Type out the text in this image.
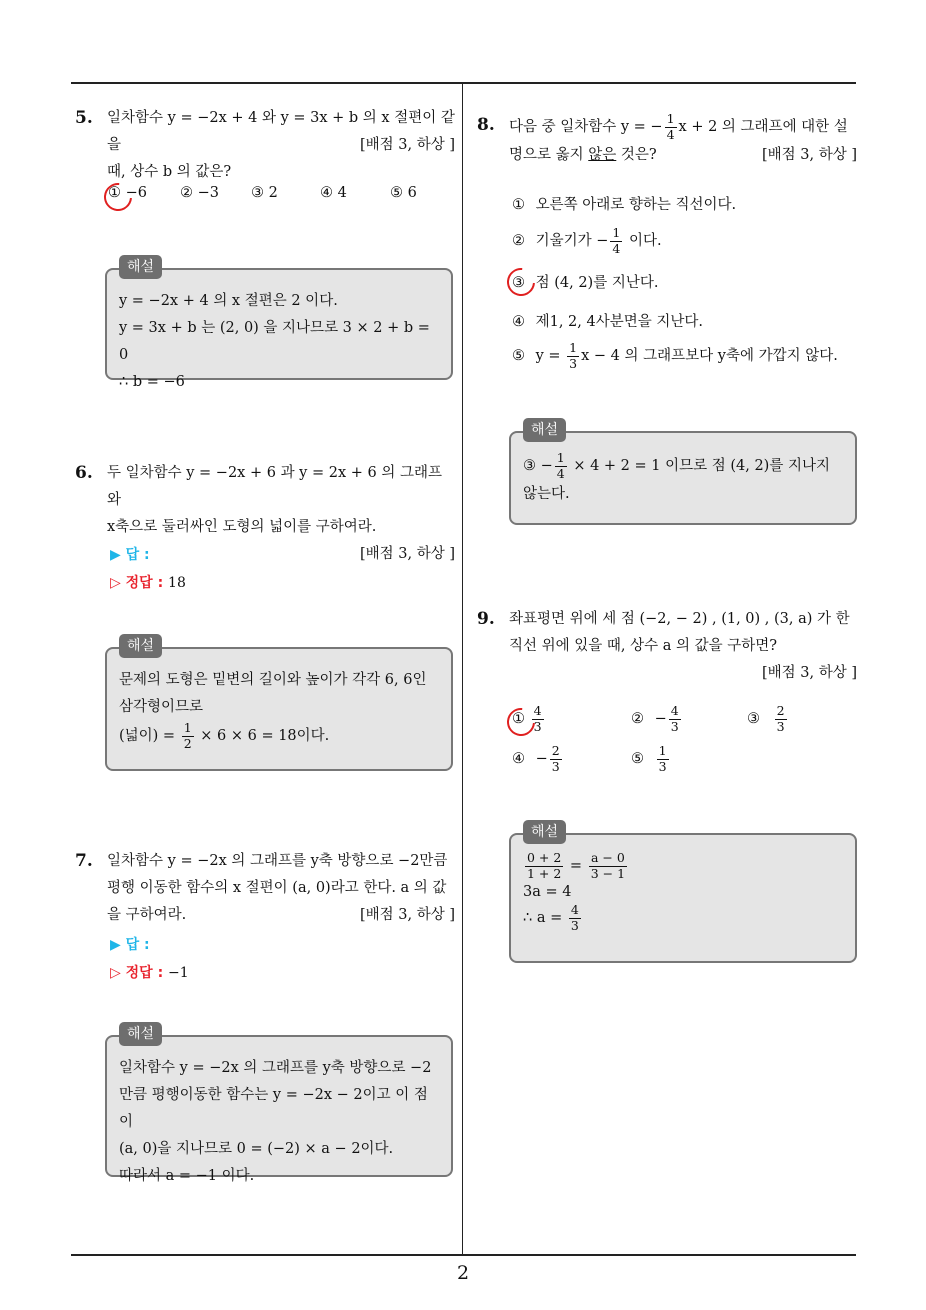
5. 일차함수 y = −2x + 4 와 y = 3x + b 의 x 절편이 같을
때, 상수 b 의 값은?
[배점 3, 하상 ]
① −6 ② −3 ③ 2	④ 4	⑤ 6
해설
y = −2x + 4 의 x 절편은 2 이다.
y = 3x + b 는 (2, 0) 을 지나므로 3 × 2 + b = 0
∴ b = −6
6. 두 일차함수 y = −2x + 6 과 y = 2x + 6 의 그래프와
x축으로 둘러싸인 도형의 넓이를 구하여라.
[배점 3, 하상 ]
▶ 답 :
▷ 정답 : 18
해설
문제의 도형은 밑변의 길이와 높이가 각각 6, 6인
삼각형이므로
(넓이) = $\frac{1}{2} \times 6 \times 6 = 18$이다.
7. 일차함수 y = −2x 의 그래프를 y축 방향으로 −2만큼
평행 이동한 함수의 x 절편이 (a, 0)라고 한다. a 의 값
을 구하여라.	[배점 3, 하상 ]
▶ 답 :
▷ 정답 : −1
해설
일차함수 y = −2x 의 그래프를 y축 방향으로 −2
만큼 평행이동한 함수는 y = −2x − 2이고 이 점이
(a, 0)을 지나므로 0 = (−2) × a − 2이다.
따라서 a = −1 이다.
8. 다음 중 일차함수 y = − $\frac{1}{4}$ x + 2 의 그래프에 대한 설
명으로 옳지 않은 것은?	[배점 3, 하상 ]
① 오른쪽 아래로 향하는 직선이다.
② 기울기가 − $\frac{1}{4}$ 이다.
③ 점 (4, 2)를 지난다.
④ 제1, 2, 4사분면을 지난다.
⑤ $y = \frac{1}{3}$ x − 4 의 그래프보다 y축에 가깝지 않다.
해설
③ − $\frac{1}{4} \times 4 + 2 = 1$ 이므로 점 (4, 2)를 지나지
않는다.
9. 좌표평면 위에 세 점 (−2, − 2) , (1, 0) , (3, a) 가 한
직선 위에 있을 때, 상수 a 의 값을 구하면?
[배점 3, 하상 ]
① $\frac{4}{3}$	② − $\frac{4}{3}$	③ $\frac{2}{3}$
④ − $\frac{2}{3}$	⑤ $\frac{1}{3}$
해설
$\frac{0 + 2}{1 + 2} = \frac{a - 0}{3 - 1}$
3a = 4
∴ $a = \frac{4}{3}$
2
